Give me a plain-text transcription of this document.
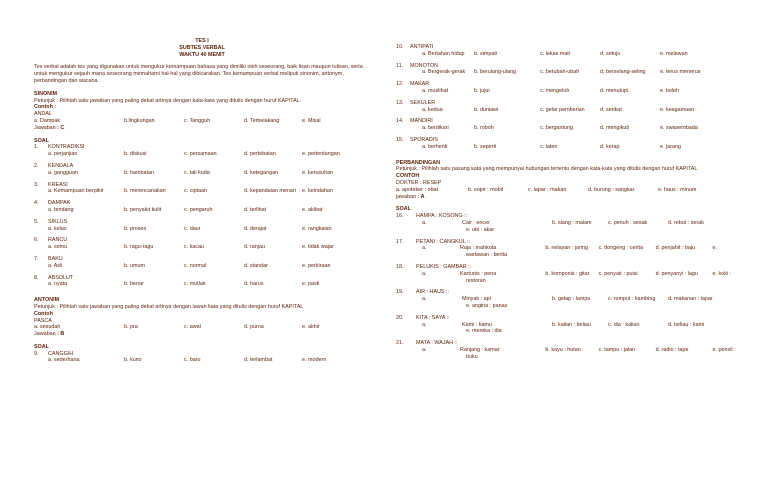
TES I
SUBTES VERBAL
WAKTU 40 MENIT
Tes verbal adalah tes yang digunakan untuk mengukur kemampuan bahasa yang dimiliki oleh seseorang, baik lisan maupun tulisan, serta untuk mengukur sejauh mana seseorang memahami hal-hal yang dibicarakan. Tes kemampuan verbal meliputi sinonim, antonym, perbandingan dan wacana.
SINONIM
Petunjuk : Pilihlah satu jawaban yang paling dekat artinya dengan kata-kata yang ditulis dengan huruf KAPITAL.
Contoh :
ANDAL
a. Dampak	b.lingkungan	c. Tangguh	d. Terbelakang	e. Misal
Jawaban : C
SOAL
1.	KONTRADIKSI
a. perjanjian	b. diskusi	c. persamaan	d. pertebatan	e. pertentangan
2.	KENDALA
a. gangguan	b. hambatan	c. tali kuda	d. ketegangan	e. kerusuhan
3.	KREASI
a. Kemampuan berpikir	b. merencanakan	c. ciptaan	d. kepandaian menari	e. keindahan
4.	DAMPAK
a. tendang	b. penyakit kulit	c. pengaruh	d. terlihat	e. akibat
5.	SIKLUS
a. kelas	b. proses	c. daur	d. derajat	e. rangkaian
6.	RANCU
a. semu	b. ragu-ragu	c. kacau	d. ranjau	e. tidak wajar
7.	BAKU
a. Asli	b. umum	c. normal	d. standar	e. perkiraan
8.	ABSOLUT
a. nyata	b. benar	c. mutlak	d. harus	e. pasti
ANTONIM
Petunjuk : Pilihlah satu jawaban yang paling dekat artinya dengan lawan kata yang ditulis dengan huruf KAPITAL
Contoh
PASCA
a. sesudah	b. pra	c. awal	d. purna	e. akhir
Jawaban : B
SOAL
9.	CANGGIH
a. sederhana	b. kuno	c. baru	d. terlambat	e. modern
10.	ANTIPATI
a. Bertahan hidup	b. simpati	c. lekas mati	d. setuju	e. melawan
11.	MONOTON
a. Bergerak-gerak	b. berulang-ulang	c. berubah-ubah	d. berselang-seling	e. terus menerus
12.	MAKAR
a. muslihat	b. jujur	c. mengeluh	d. menutupi	e. boleh
13.	SEKULER
a. kedua	b. duniawi	c. gelar pemberian	d. serikat	e. keagamaan
14.	MANDIRI
a. berdikari	b. roboh	c. bergantung	d. mengikuti	e. swasembada
15.	SPORADIS
a. berhenti	b. seperti	c. laten	d. kerap	e. jarang
PERBANDINGAN
Petunjuk : Pilihlah satu pasang kata yang mempunyai hubungan tertentu dengan kata-kata yang ditulis dengan huruf KAPITAL
CONTOH
DOKTER : RESEP
a. apoteker : obat	b. sopir : mobil	c. lapar : makan	d. burung : sangkar	e. haus : minum
jawaban : A
SOAL
16.	HAMPA : KOSONG ::
a.	Cair : encer	b. siang : malam	c. penuh : sesak	d. rebut : serak
e. ubi : akar
17.	PETANI : CANGKUL ::
a.	Raja : mahkota	b. nelayan : jaring	c. dongeng : cerita	d. penjahit : baju	e.
wartawan : berita
18.	PELUKIS : GAMBAR ::
a.	Kartunis : pena	b. komponis : gitar	c. penyair : puisi	d. penyanyi : lagu	e. koki :
restoran
19.	AIR : HAUS ::
a.	Minyak : api	b. gelap : lampu	c. rumput : kambing	d. makanan : lapar
e. angina : panas
20.	KITA : SAYA ::
a.	Kami : kamu	b. kalian : beliau	c. dia : kalian	d. beliau : kami
e. mereka : dia
21.	MATA : WAJAH ::
a.	Ranjang : kamar	b. kayu : hutan	c. tampu : jalan	d. radio : tape	e. pensil :
buku
